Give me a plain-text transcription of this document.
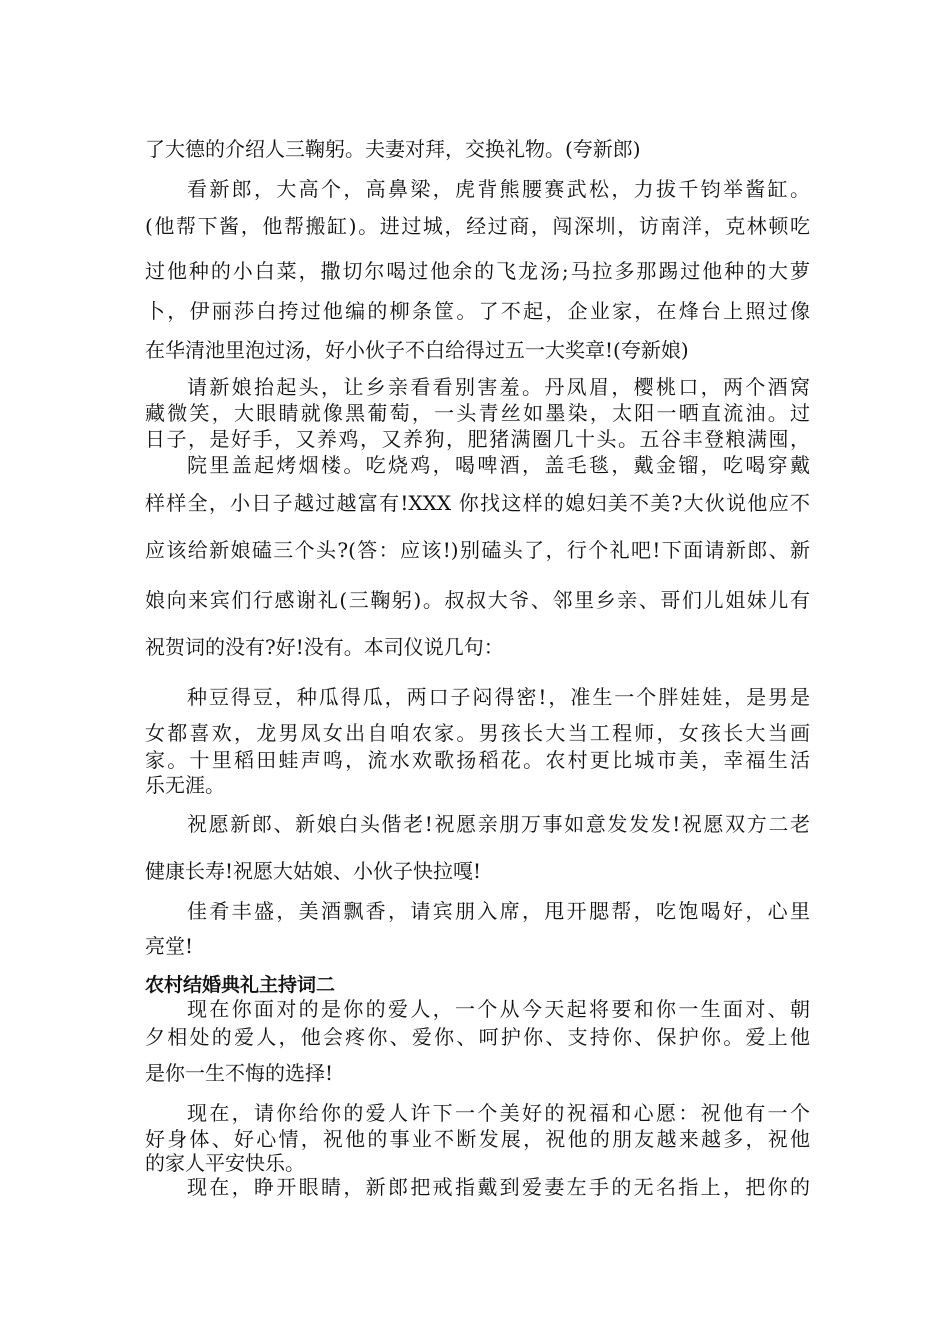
了大德的介绍人三鞠躬。夫妻对拜，交换礼物。(夸新郎)
看新郎，大高个，高鼻梁，虎背熊腰赛武松，力拔千钧举酱缸。
(他帮下酱，他帮搬缸)。进过城，经过商，闯深圳，访南洋，克林顿吃
过他种的小白菜，撒切尔喝过他余的飞龙汤;马拉多那踢过他种的大萝
卜，伊丽莎白挎过他编的柳条筐。了不起，企业家，在烽台上照过像
在华清池里泡过汤，好小伙子不白给得过五一大奖章!(夸新娘)
请新娘抬起头，让乡亲看看别害羞。丹凤眉，樱桃口，两个酒窝
藏微笑，大眼睛就像黑葡萄，一头青丝如墨染，太阳一晒直流油。过
日子，是好手，又养鸡，又养狗，肥猪满圈几十头。五谷丰登粮满囤，
院里盖起烤烟楼。吃烧鸡，喝啤酒，盖毛毯，戴金镏，吃喝穿戴
样样全，小日子越过越富有!XXX 你找这样的媳妇美不美?大伙说他应不
应该给新娘磕三个头?(答：应该!)别磕头了，行个礼吧!下面请新郎、新
娘向来宾们行感谢礼(三鞠躬)。叔叔大爷、邻里乡亲、哥们儿姐妹儿有
祝贺词的没有?好!没有。本司仪说几句：
种豆得豆，种瓜得瓜，两口子闷得密!，准生一个胖娃娃，是男是
女都喜欢，龙男凤女出自咱农家。男孩长大当工程师，女孩长大当画
家。十里稻田蛙声鸣，流水欢歌扬稻花。农村更比城市美，幸福生活
乐无涯。
祝愿新郎、新娘白头偕老!祝愿亲朋万事如意发发发!祝愿双方二老
健康长寿!祝愿大姑娘、小伙子快拉嘎!
佳肴丰盛，美酒飘香，请宾朋入席，甩开腮帮，吃饱喝好，心里
亮堂!
农村结婚典礼主持词二
现在你面对的是你的爱人，一个从今天起将要和你一生面对、朝
夕相处的爱人，他会疼你、爱你、呵护你、支持你、保护你。爱上他
是你一生不悔的选择!
现在，请你给你的爱人许下一个美好的祝福和心愿：祝他有一个
好身体、好心情，祝他的事业不断发展，祝他的朋友越来越多，祝他
的家人平安快乐。
现在，睁开眼睛，新郎把戒指戴到爱妻左手的无名指上，把你的
